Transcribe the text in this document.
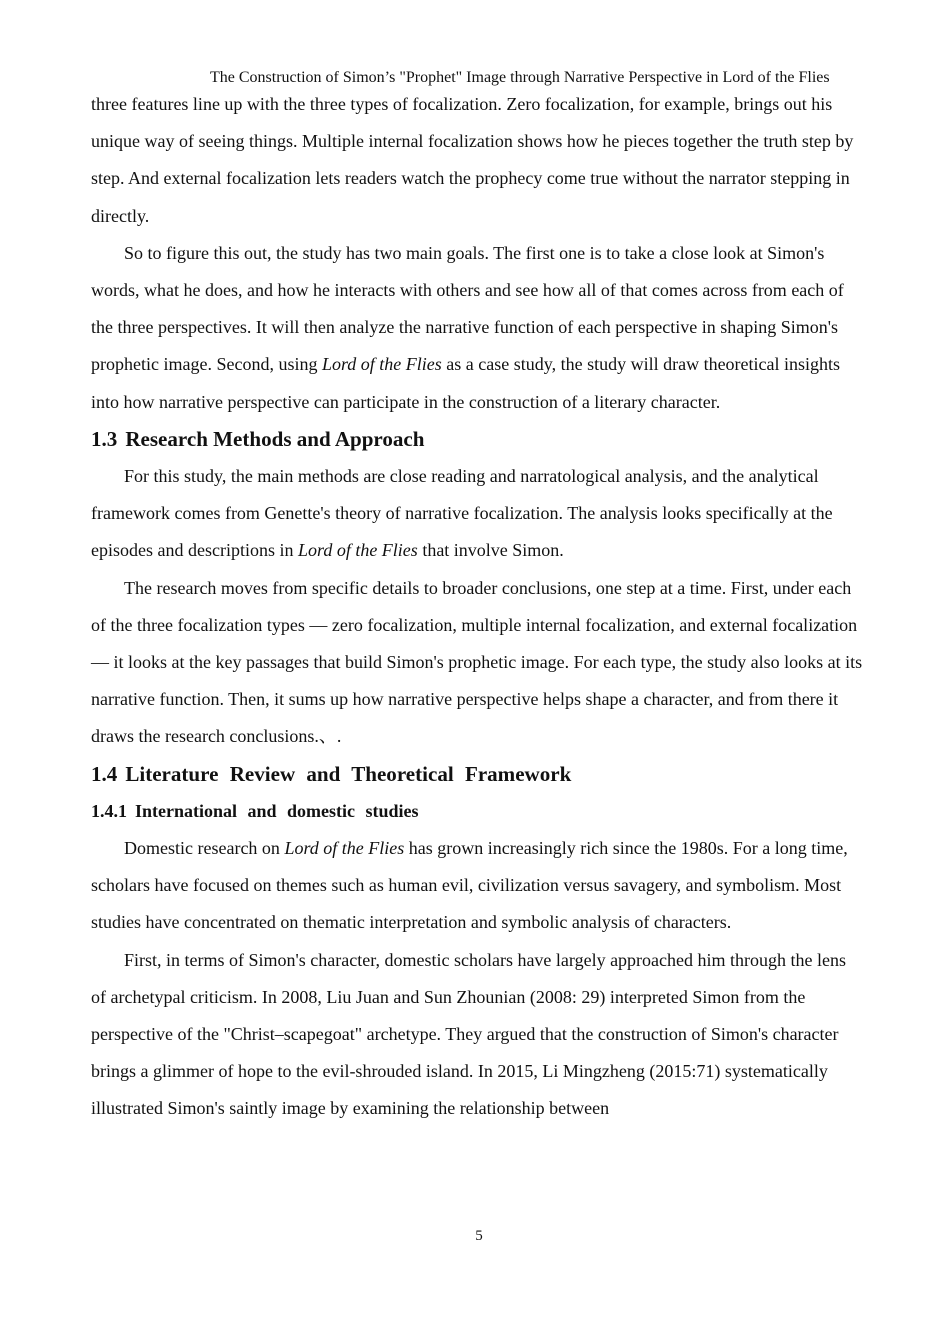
The Construction of Simon’s "Prophet" Image through Narrative Perspective in Lord of the Flies

three features line up with the three types of focalization. Zero focalization, for example, brings out his unique way of seeing things. Multiple internal focalization shows how he pieces together the truth step by step. And external focalization lets readers watch the prophecy come true without the narrator stepping in directly.

So to figure this out, the study has two main goals. The first one is to take a close look at Simon's words, what he does, and how he interacts with others and see how all of that comes across from each of the three perspectives. It will then analyze the narrative function of each perspective in shaping Simon's prophetic image. Second, using Lord of the Flies as a case study, the study will draw theoretical insights into how narrative perspective can participate in the construction of a literary character.

1.3 Research Methods and Approach

For this study, the main methods are close reading and narratological analysis, and the analytical framework comes from Genette's theory of narrative focalization. The analysis looks specifically at the episodes and descriptions in Lord of the Flies that involve Simon.

The research moves from specific details to broader conclusions, one step at a time. First, under each of the three focalization types — zero focalization, multiple internal focalization, and external focalization — it looks at the key passages that build Simon's prophetic image. For each type, the study also looks at its narrative function. Then, it sums up how narrative perspective helps shape a character, and from there it draws the research conclusions.、.

1.4 Literature Review and Theoretical Framework
1.4.1 International and domestic studies

Domestic research on Lord of the Flies has grown increasingly rich since the 1980s. For a long time, scholars have focused on themes such as human evil, civilization versus savagery, and symbolism. Most studies have concentrated on thematic interpretation and symbolic analysis of characters.

First, in terms of Simon's character, domestic scholars have largely approached him through the lens of archetypal criticism. In 2008, Liu Juan and Sun Zhounian (2008: 29) interpreted Simon from the perspective of the "Christ–scapegoat" archetype. They argued that the construction of Simon's character brings a glimmer of hope to the evil-shrouded island. In 2015, Li Mingzheng (2015:71) systematically illustrated Simon's saintly image by examining the relationship between

5
